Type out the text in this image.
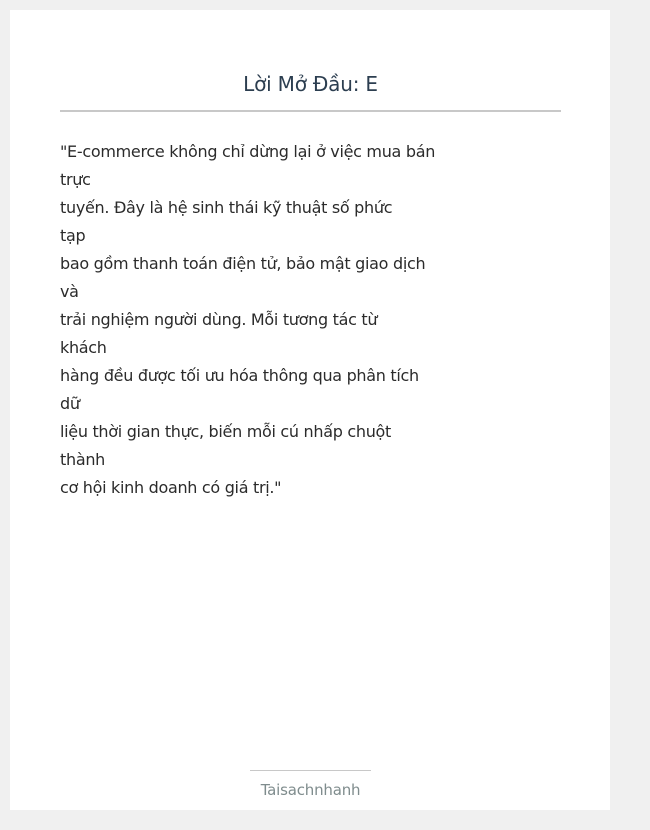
Lời Mở Đầu: E

"E-commerce không chỉ dừng lại ở việc mua bán
trực
tuyến. Đây là hệ sinh thái kỹ thuật số phức
tạp
bao gồm thanh toán điện tử, bảo mật giao dịch
và
trải nghiệm người dùng. Mỗi tương tác từ
khách
hàng đều được tối ưu hóa thông qua phân tích
dữ
liệu thời gian thực, biến mỗi cú nhấp chuột
thành
cơ hội kinh doanh có giá trị."

Taisachnhanh
